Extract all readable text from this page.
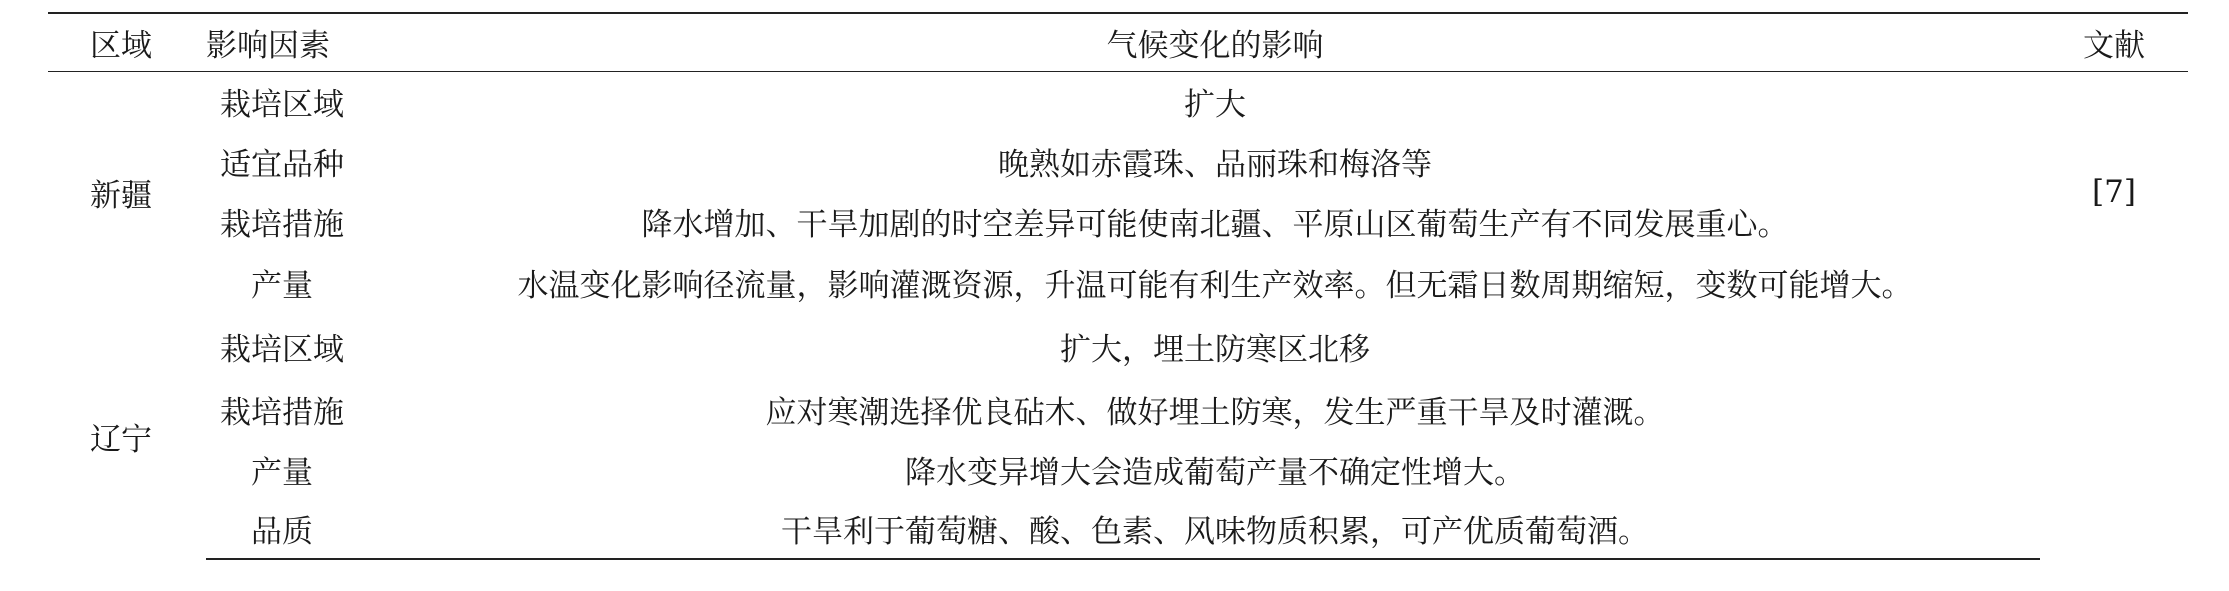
区域	影响因素	气候变化的影响	文献
新疆	栽培区域	扩大	[7]
	适宜品种	晚熟如赤霞珠、品丽珠和梅洛等	
	栽培措施	降水增加、干旱加剧的时空差异可能使南北疆、平原山区葡萄生产有不同发展重心。	
	产量	水温变化影响径流量，影响灌溉资源，升温可能有利生产效率。但无霜日数周期缩短，变数可能增大。	
辽宁	栽培区域	扩大，埋土防寒区北移	
	栽培措施	应对寒潮选择优良砧木、做好埋土防寒，发生严重干旱及时灌溉。	
	产量	降水变异增大会造成葡萄产量不确定性增大。	
	品质	干旱利于葡萄糖、酸、色素、风味物质积累，可产优质葡萄酒。	
